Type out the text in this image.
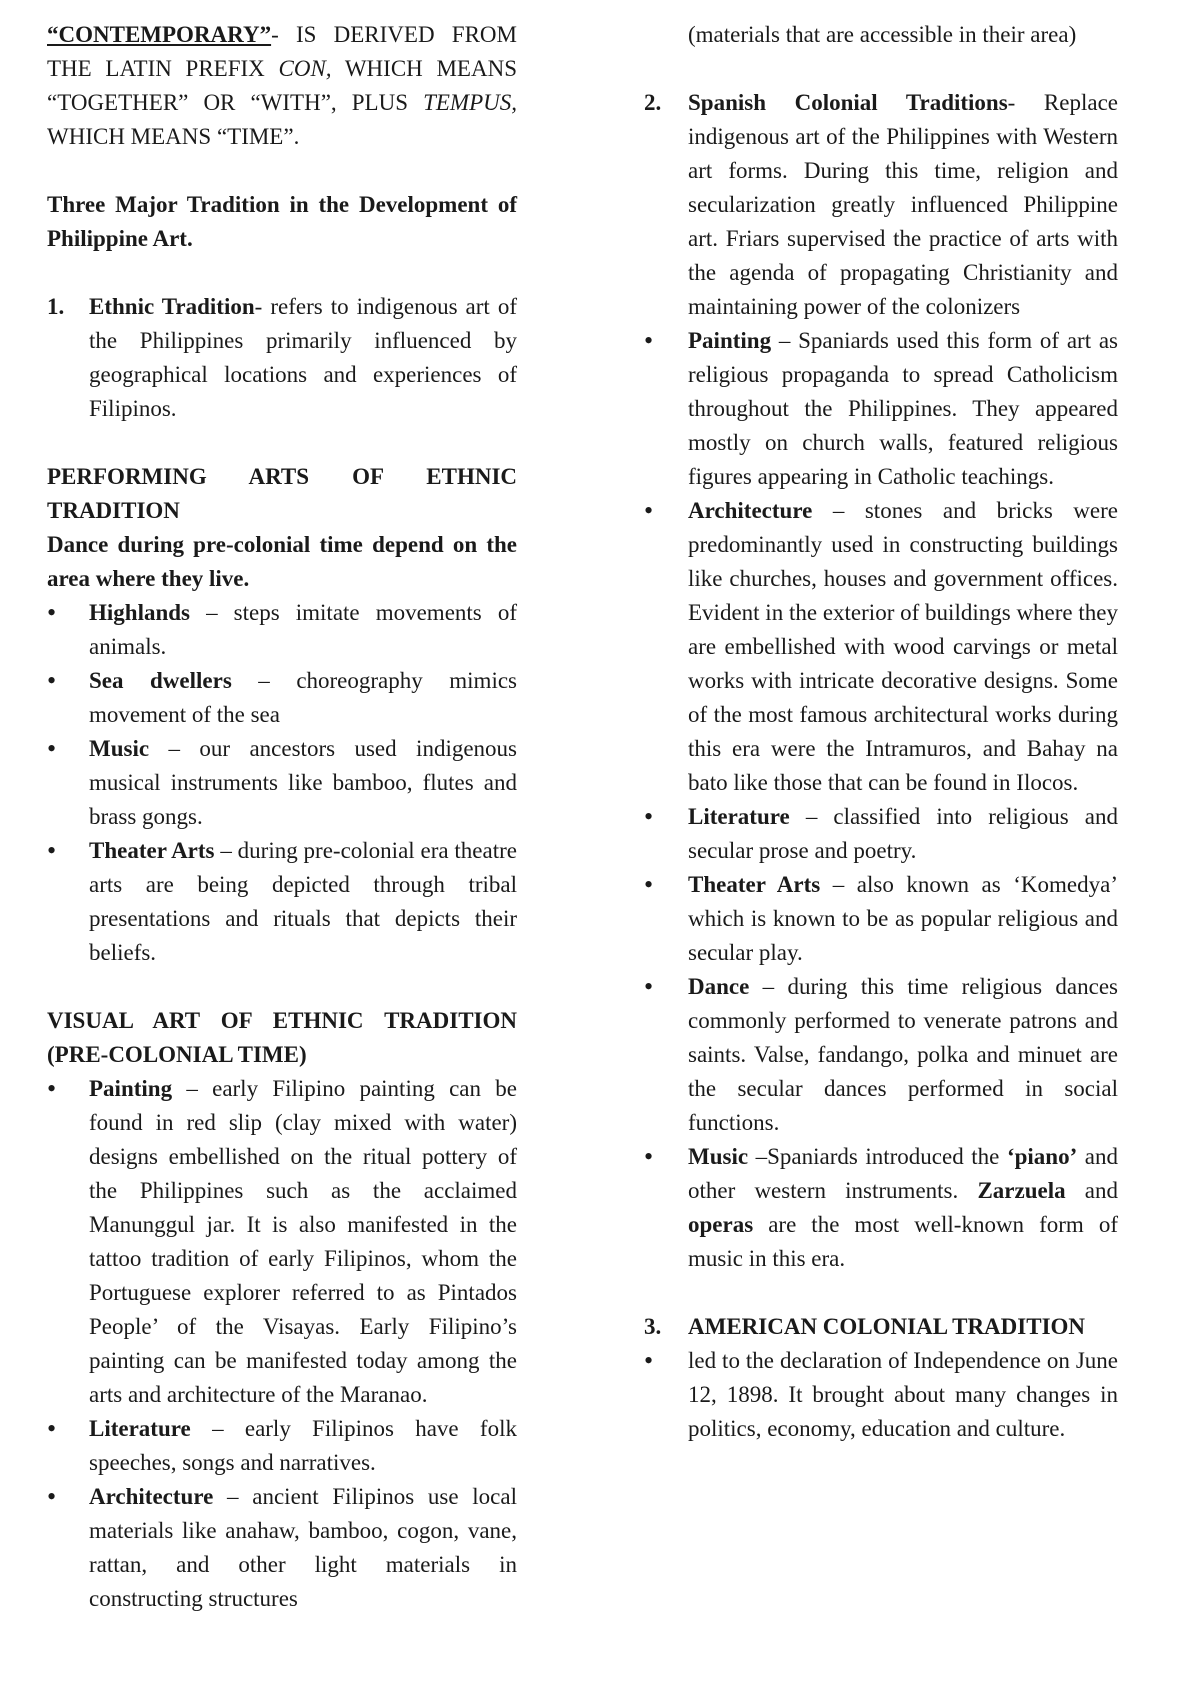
“CONTEMPORARY”- IS DERIVED FROM THE LATIN PREFIX CON, WHICH MEANS “TOGETHER” OR “WITH”, PLUS TEMPUS, WHICH MEANS “TIME”.

Three Major Tradition in the Development of Philippine Art.

1. Ethnic Tradition- refers to indigenous art of the Philippines primarily influenced by geographical locations and experiences of Filipinos.

PERFORMING ARTS OF ETHNIC TRADITION

Dance during pre-colonial time depend on the area where they live.

• Highlands – steps imitate movements of animals.
• Sea dwellers – choreography mimics movement of the sea
• Music – our ancestors used indigenous musical instruments like bamboo, flutes and brass gongs.
• Theater Arts – during pre-colonial era theatre arts are being depicted through tribal presentations and rituals that depicts their beliefs.

VISUAL ART OF ETHNIC TRADITION (PRE-COLONIAL TIME)

• Painting – early Filipino painting can be found in red slip (clay mixed with water) designs embellished on the ritual pottery of the Philippines such as the acclaimed Manunggul jar. It is also manifested in the tattoo tradition of early Filipinos, whom the Portuguese explorer referred to as Pintados People’ of the Visayas. Early Filipino’s painting can be manifested today among the arts and architecture of the Maranao.
• Literature – early Filipinos have folk speeches, songs and narratives.
• Architecture – ancient Filipinos use local materials like anahaw, bamboo, cogon, vane, rattan, and other light materials in constructing structures
(materials that are accessible in their area)
2. Spanish Colonial Traditions- Replace indigenous art of the Philippines with Western art forms. During this time, religion and secularization greatly influenced Philippine art. Friars supervised the practice of arts with the agenda of propagating Christianity and maintaining power of the colonizers
• Painting – Spaniards used this form of art as religious propaganda to spread Catholicism throughout the Philippines. They appeared mostly on church walls, featured religious figures appearing in Catholic teachings.
• Architecture – stones and bricks were predominantly used in constructing buildings like churches, houses and government offices. Evident in the exterior of buildings where they are embellished with wood carvings or metal works with intricate decorative designs. Some of the most famous architectural works during this era were the Intramuros, and Bahay na bato like those that can be found in Ilocos.
• Literature – classified into religious and secular prose and poetry.
• Theater Arts – also known as ‘Komedya’ which is known to be as popular religious and secular play.
• Dance – during this time religious dances commonly performed to venerate patrons and saints. Valse, fandango, polka and minuet are the secular dances performed in social functions.
• Music –Spaniards introduced the ‘piano’ and other western instruments. Zarzuela and operas are the most well-known form of music in this era.
3. AMERICAN COLONIAL TRADITION
• led to the declaration of Independence on June 12, 1898. It brought about many changes in politics, economy, education and culture.
